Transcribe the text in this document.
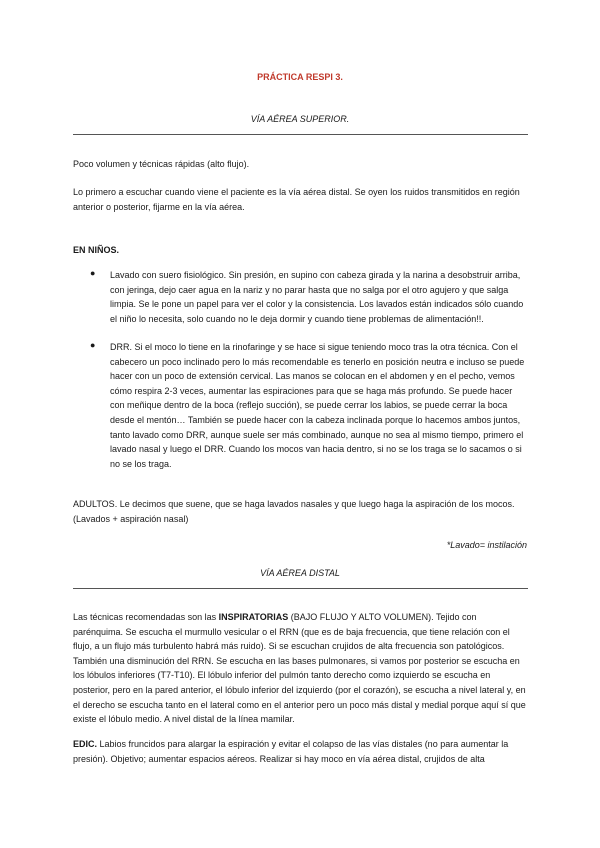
PRÁCTICA RESPI 3.
VÍA AÉREA SUPERIOR.
Poco volumen y técnicas rápidas (alto flujo).
Lo primero a escuchar cuando viene el paciente es la vía aérea distal. Se oyen los ruidos transmitidos en región anterior o posterior, fijarme en la vía aérea.
EN NIÑOS.
● Lavado con suero fisiológico. Sin presión, en supino con cabeza girada y la narina a desobstruir arriba, con jeringa, dejo caer agua en la nariz y no parar hasta que no salga por el otro agujero y que salga limpia. Se le pone un papel para ver el color y la consistencia. Los lavados están indicados sólo cuando el niño lo necesita, solo cuando no le deja dormir y cuando tiene problemas de alimentación!!.
● DRR. Si el moco lo tiene en la rinofaringe y se hace si sigue teniendo moco tras la otra técnica. Con el cabecero un poco inclinado pero lo más recomendable es tenerlo en posición neutra e incluso se puede hacer con un poco de extensión cervical. Las manos se colocan en el abdomen y en el pecho, vemos cómo respira 2-3 veces, aumentar las espiraciones para que se haga más profundo. Se puede hacer con meñique dentro de la boca (reflejo succión), se puede cerrar los labios, se puede cerrar la boca desde el mentón… También se puede hacer con la cabeza inclinada porque lo hacemos ambos juntos, tanto lavado como DRR, aunque suele ser más combinado, aunque no sea al mismo tiempo, primero el lavado nasal y luego el DRR. Cuando los mocos van hacia dentro, si no se los traga se lo sacamos o si no se los traga.
ADULTOS. Le decimos que suene, que se haga lavados nasales y que luego haga la aspiración de los mocos. (Lavados + aspiración nasal)
*Lavado= instilación
VÍA AÉREA DISTAL
Las técnicas recomendadas son las INSPIRATORIAS (BAJO FLUJO Y ALTO VOLUMEN). Tejido con parénquima. Se escucha el murmullo vesicular o el RRN (que es de baja frecuencia, que tiene relación con el flujo, a un flujo más turbulento habrá más ruido). Si se escuchan crujidos de alta frecuencia son patológicos. También una disminución del RRN. Se escucha en las bases pulmonares, si vamos por posterior se escucha en los lóbulos inferiores (T7-T10). El lóbulo inferior del pulmón tanto derecho como izquierdo se escucha en posterior, pero en la pared anterior, el lóbulo inferior del izquierdo (por el corazón), se escucha a nivel lateral y, en el derecho se escucha tanto en el lateral como en el anterior pero un poco más distal y medial porque aquí sí que existe el lóbulo medio. A nivel distal de la línea mamilar.
EDIC. Labios fruncidos para alargar la espiración y evitar el colapso de las vías distales (no para aumentar la presión). Objetivo; aumentar espacios aéreos. Realizar si hay moco en vía aérea distal, crujidos de alta
